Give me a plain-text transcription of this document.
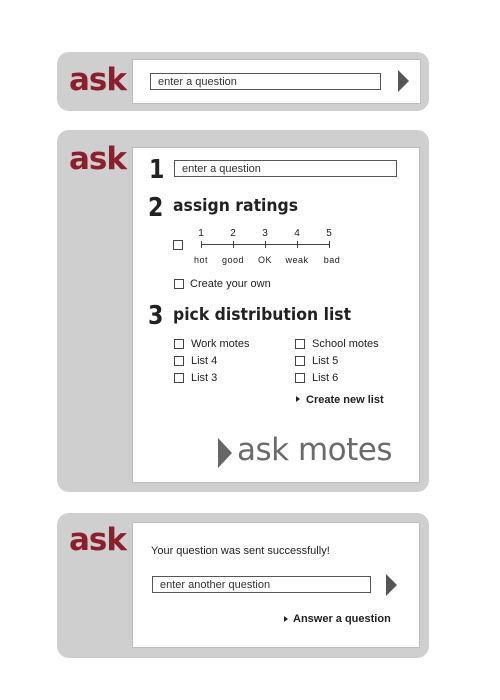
ask	enter a question
ask 1	enter a question
2 assign ratings
1	2	3	4	5
hot	good	OK	weak	bad
Create your own
3 pick distribution list
Work motes
List 4
List 3
School motes
List 5
List 6
Create new list
ask motes
ask Your question was sent successfully!
enter another question
Answer a question
